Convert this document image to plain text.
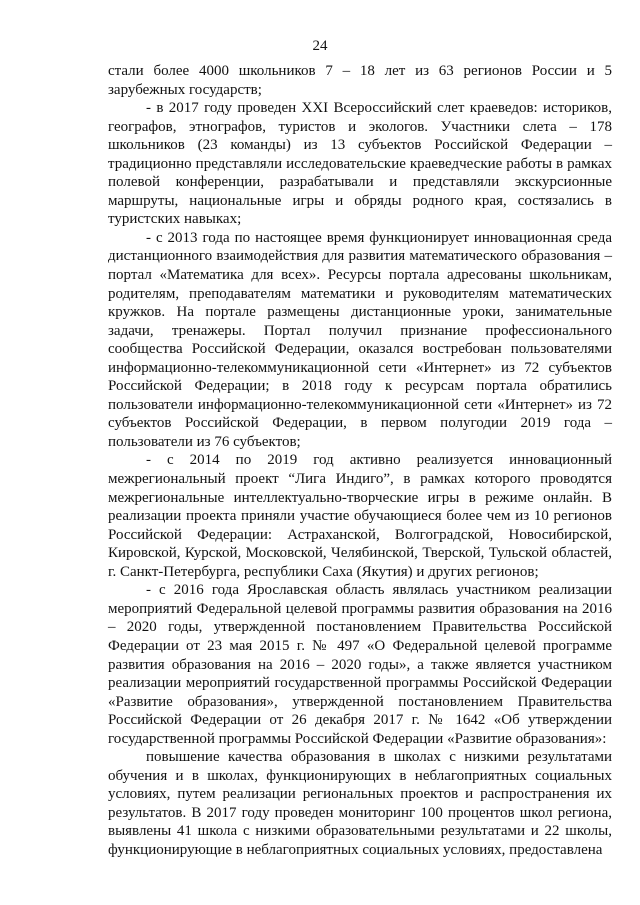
24

стали более 4000 школьников 7 – 18 лет из 63 регионов России и 5 зарубежных государств;

- в 2017 году проведен XXI Всероссийский слет краеведов: историков, географов, этнографов, туристов и экологов. Участники слета – 178 школьников (23 команды) из 13 субъектов Российской Федерации – традиционно представляли исследовательские краеведческие работы в рамках полевой конференции, разрабатывали и представляли экскурсионные маршруты, национальные игры и обряды родного края, состязались в туристских навыках;

- с 2013 года по настоящее время функционирует инновационная среда дистанционного взаимодействия для развития математического образования – портал «Математика для всех». Ресурсы портала адресованы школьникам, родителям, преподавателям математики и руководителям математических кружков. На портале размещены дистанционные уроки, занимательные задачи, тренажеры. Портал получил признание профессионального сообщества Российской Федерации, оказался востребован пользователями информационно-телекоммуникационной сети «Интернет» из 72 субъектов Российской Федерации; в 2018 году к ресурсам портала обратились пользователи информационно-телекоммуникационной сети «Интернет» из 72 субъектов Российской Федерации, в первом полугодии 2019 года – пользователи из 76 субъектов;

- с 2014 по 2019 год активно реализуется инновационный межрегиональный проект “Лига Индиго”, в рамках которого проводятся межрегиональные интеллектуально-творческие игры в режиме онлайн. В реализации проекта приняли участие обучающиеся более чем из 10 регионов Российской Федерации: Астраханской, Волгоградской, Новосибирской, Кировской, Курской, Московской, Челябинской, Тверской, Тульской областей, г. Санкт-Петербурга, республики Саха (Якутия) и других регионов;

- с 2016 года Ярославская область являлась участником реализации мероприятий Федеральной целевой программы развития образования на 2016 – 2020 годы, утвержденной постановлением Правительства Российской Федерации от 23 мая 2015 г. № 497 «О Федеральной целевой программе развития образования на 2016 – 2020 годы», а также является участником реализации мероприятий государственной программы Российской Федерации «Развитие образования», утвержденной постановлением Правительства Российской Федерации от 26 декабря 2017 г. № 1642 «Об утверждении государственной программы Российской Федерации «Развитие образования»:

повышение качества образования в школах с низкими результатами обучения и в школах, функционирующих в неблагоприятных социальных условиях, путем реализации региональных проектов и распространения их результатов. В 2017 году проведен мониторинг 100 процентов школ региона, выявлены 41 школа с низкими образовательными результатами и 22 школы, функционирующие в неблагоприятных социальных условиях, предоставлена
